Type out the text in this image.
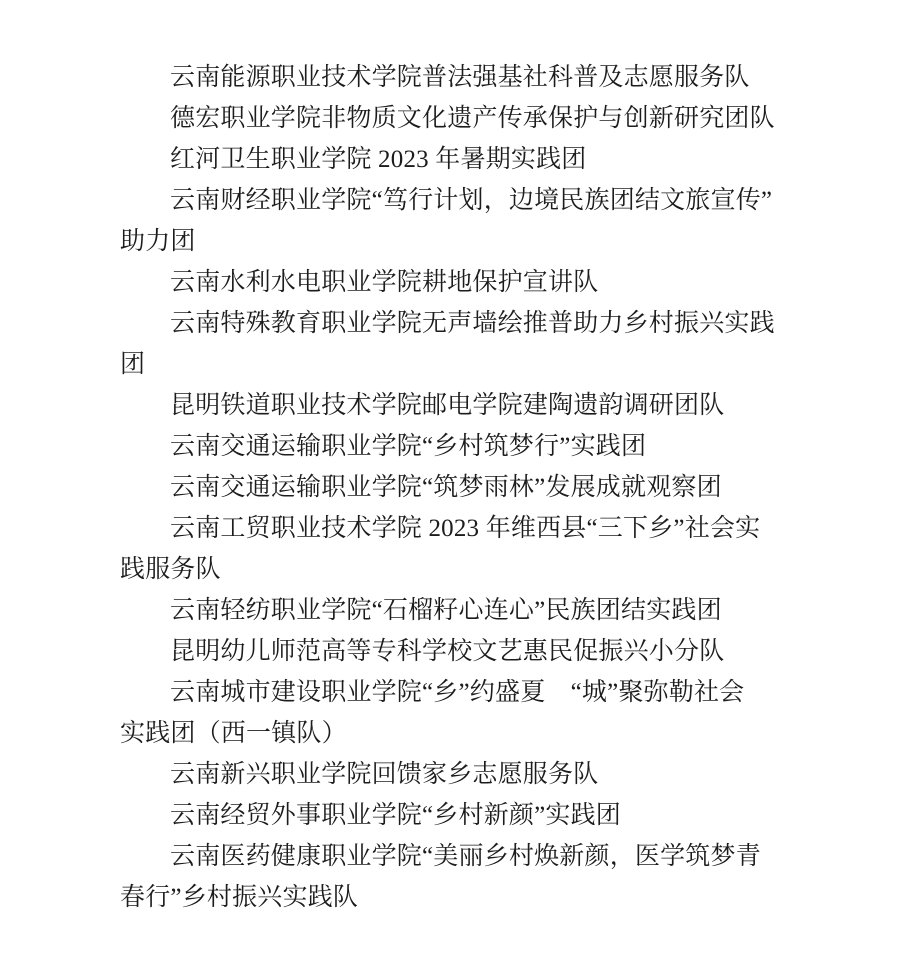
云南能源职业技术学院普法强基社科普及志愿服务队
德宏职业学院非物质文化遗产传承保护与创新研究团队
红河卫生职业学院 2023 年暑期实践团
云南财经职业学院“笃行计划，边境民族团结文旅宣传”
助力团
云南水利水电职业学院耕地保护宣讲队
云南特殊教育职业学院无声墙绘推普助力乡村振兴实践
团
昆明铁道职业技术学院邮电学院建陶遗韵调研团队
云南交通运输职业学院“乡村筑梦行”实践团
云南交通运输职业学院“筑梦雨林”发展成就观察团
云南工贸职业技术学院 2023 年维西县“三下乡”社会实
践服务队
云南轻纺职业学院“石榴籽心连心”民族团结实践团
昆明幼儿师范高等专科学校文艺惠民促振兴小分队
云南城市建设职业学院“乡”约盛夏　“城”聚弥勒社会
实践团（西一镇队）
云南新兴职业学院回馈家乡志愿服务队
云南经贸外事职业学院“乡村新颜”实践团
云南医药健康职业学院“美丽乡村焕新颜，医学筑梦青
春行”乡村振兴实践队
